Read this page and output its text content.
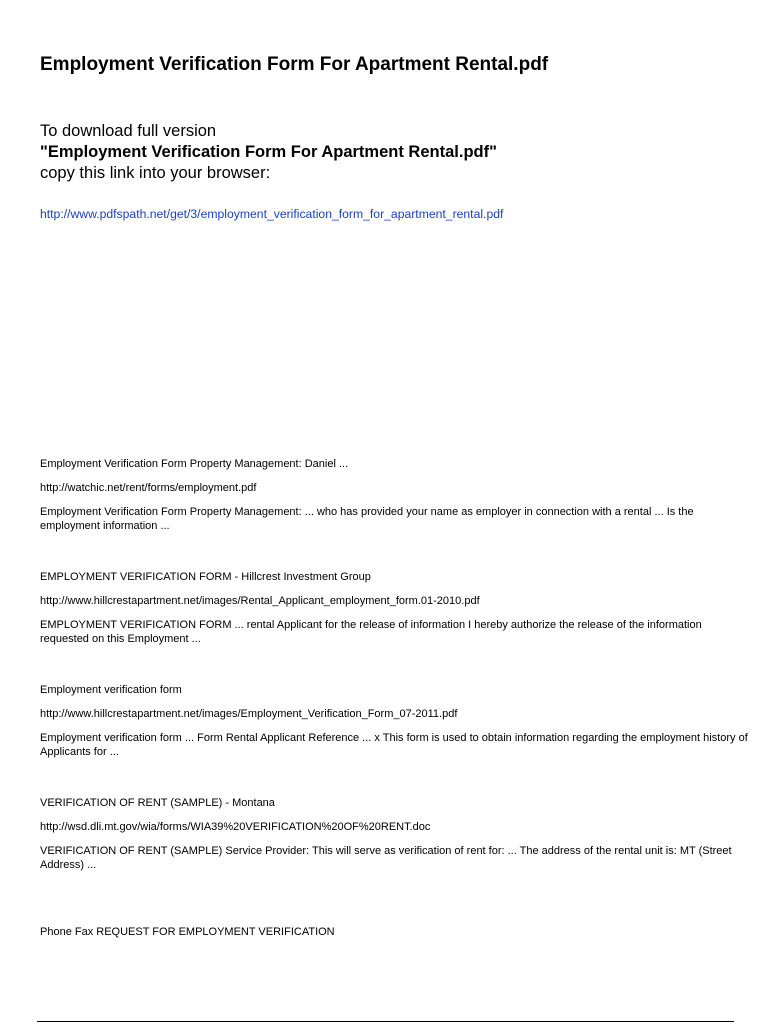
Employment Verification Form For Apartment Rental.pdf
To download full version
"Employment Verification Form For Apartment Rental.pdf"
copy this link into your browser:
http://www.pdfspath.net/get/3/employment_verification_form_for_apartment_rental.pdf
Employment Verification Form Property Management: Daniel ...
http://watchic.net/rent/forms/employment.pdf

Employment Verification Form Property Management: ... who has provided your name as employer in connection with a rental ... Is the employment information ...

EMPLOYMENT VERIFICATION FORM - Hillcrest Investment Group
http://www.hillcrestapartment.net/images/Rental_Applicant_employment_form.01-2010.pdf

EMPLOYMENT VERIFICATION FORM ... rental Applicant for the release of information I hereby authorize the release of the information requested on this Employment ...

Employment verification form
http://www.hillcrestapartment.net/images/Employment_Verification_Form_07-2011.pdf

Employment verification form ... Form Rental Applicant Reference ... x This form is used to obtain information regarding the employment history of Applicants for ...

VERIFICATION OF RENT (SAMPLE) - Montana
http://wsd.dli.mt.gov/wia/forms/WIA39%20VERIFICATION%20OF%20RENT.doc

VERIFICATION OF RENT (SAMPLE) Service Provider: This will serve as verification of rent for: ... The address of the rental unit is: MT (Street Address) ...

Phone Fax REQUEST FOR EMPLOYMENT VERIFICATION
